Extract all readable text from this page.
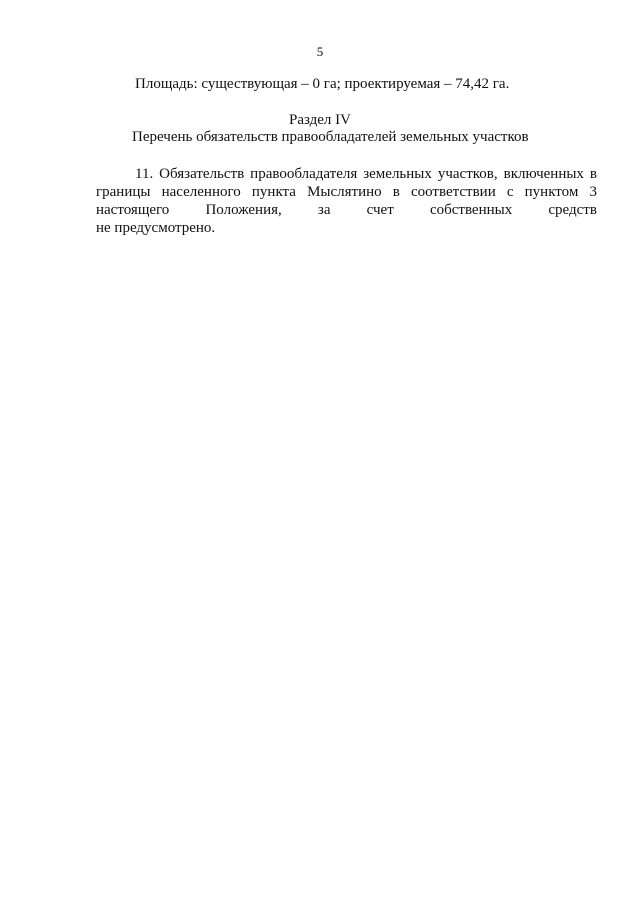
5
Площадь: существующая – 0 га; проектируемая – 74,42 га.
Раздел IV
Перечень обязательств правообладателей земельных участков
11. Обязательств правообладателя земельных участков, включенных в
границы населенного пункта Мыслятино в соответствии с пунктом 3
настоящего Положения, за счет собственных средств
не предусмотрено.
